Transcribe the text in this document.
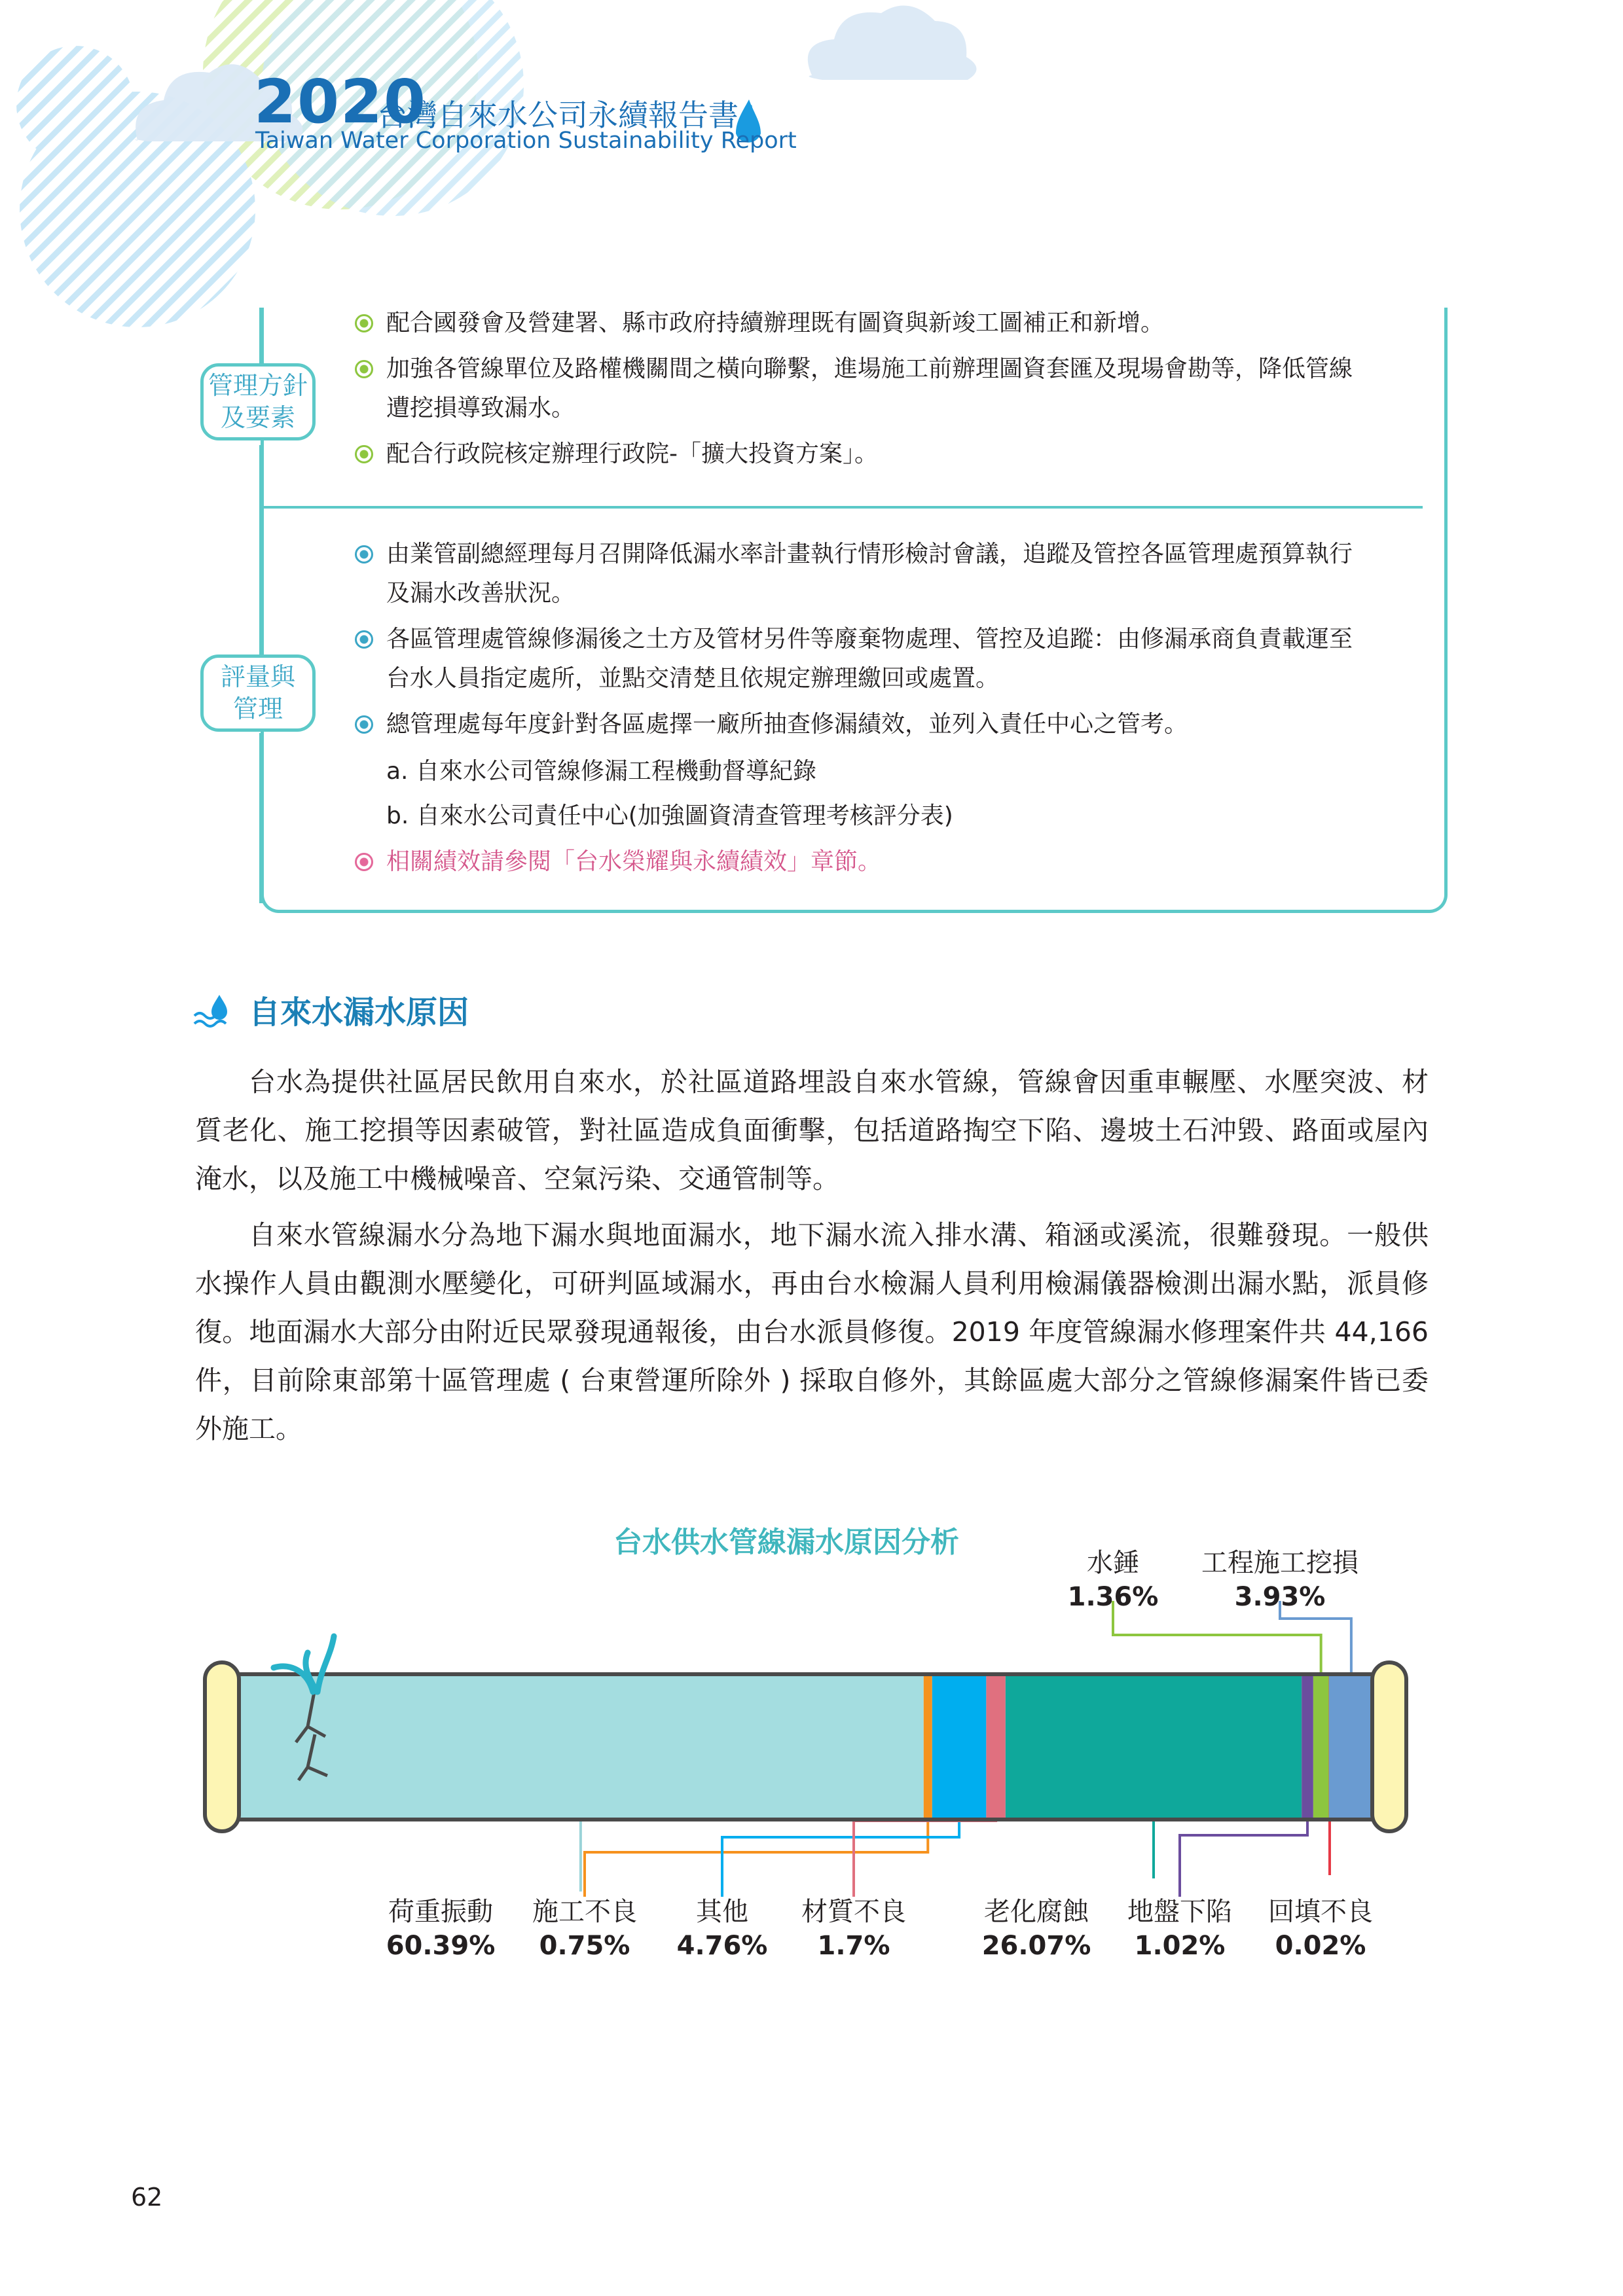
2020
台灣自來水公司永續報告書
Taiwan Water Corporation Sustainability Report
管理方針
及要素
評量與
管理
配合國發會及營建署、縣市政府持續辦理既有圖資與新竣工圖補正和新增。
加強各管線單位及路權機關間之橫向聯繫，進場施工前辦理圖資套匯及現場會勘等，降低管線
遭挖損導致漏水。
配合行政院核定辦理行政院-「擴大投資方案」。
由業管副總經理每月召開降低漏水率計畫執行情形檢討會議，追蹤及管控各區管理處預算執行
及漏水改善狀況。
各區管理處管線修漏後之土方及管材另件等廢棄物處理、管控及追蹤：由修漏承商負責載運至
台水人員指定處所，並點交清楚且依規定辦理繳回或處置。
總管理處每年度針對各區處擇一廠所抽查修漏績效，並列入責任中心之管考。
a. 自來水公司管線修漏工程機動督導紀錄
b. 自來水公司責任中心(加強圖資清查管理考核評分表)
相關績效請參閱「台水榮耀與永續績效」章節。
自來水漏水原因

台水為提供社區居民飲用自來水，於社區道路埋設自來水管線，管線會因重車輾壓、水壓突波、材質老化、施工挖損等因素破管，對社區造成負面衝擊，包括道路掏空下陷、邊坡土石沖毀、路面或屋內淹水，以及施工中機械噪音、空氣污染、交通管制等。

自來水管線漏水分為地下漏水與地面漏水，地下漏水流入排水溝、箱涵或溪流，很難發現。一般供水操作人員由觀測水壓變化，可研判區域漏水，再由台水檢漏人員利用檢漏儀器檢測出漏水點，派員修復。地面漏水大部分由附近民眾發現通報後，由台水派員修復。2019 年度管線漏水修理案件共 44,166 件，目前除東部第十區管理處 ( 台東營運所除外 ) 採取自修外，其餘區處大部分之管線修漏案件皆已委外施工。

台水供水管線漏水原因分析
荷重振動
60.39%
施工不良
0.75%
其他
4.76%
材質不良
1.7%
老化腐蝕
26.07%
地盤下陷
1.02%
水錘
1.36%
回填不良
0.02%
工程施工挖損
3.93%
62
